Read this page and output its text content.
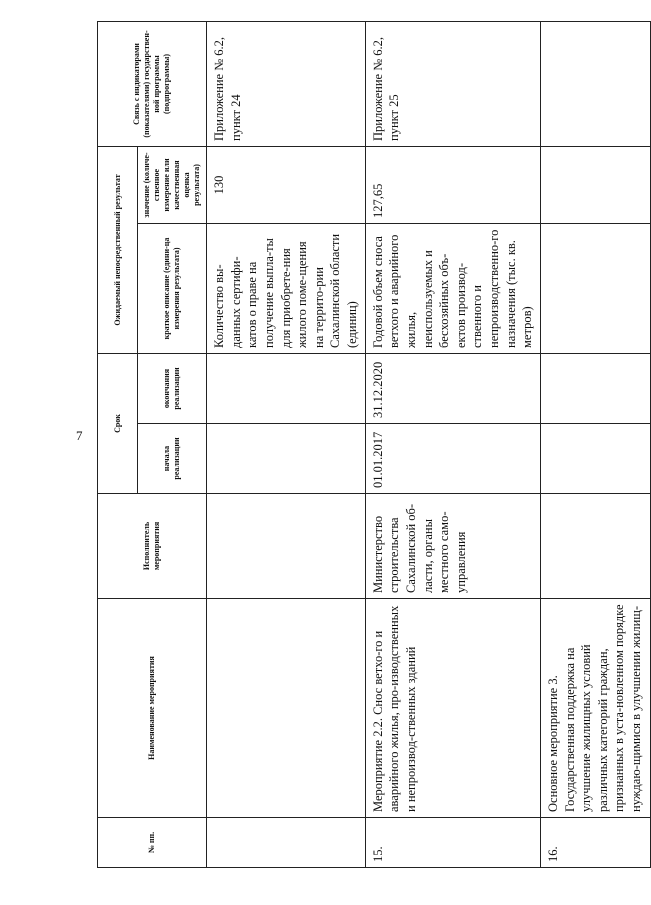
7
№ пп.	Наименование мероприятия	Исполнитель мероприятия	Срок		Ожидаемый непосредственный результат		Связь с индикаторами (показателями) государствен-ной программы (подпрограммы)
			начала реализации	окончания реализации	краткое описание (едини-ца измерения результата)	значение (количе-ственное измерение или качественная оценка результата)	
					Количество вы-данных сертифи-катов о праве на получение выпла-ты для приобрете-ния жилого поме-щения на террито-рии Сахалинской области (единиц)	130	Приложение № 6.2, пункт 24
15.	Мероприятие 2.2. Снос ветхо-го и аварийного жилья, про-изводственных и непроизвод-ственных зданий	Министерство строительства Сахалинской об-ласти, органы местного само-управления	01.01.2017	31.12.2020	Годовой объем сноса ветхого и аварийного жилья, неиспользуемых и бесхозяйных объ-ектов производ-ственного и непроизводственно-го назначения (тыс. кв. метров)	127,65	Приложение № 6.2, пункт 25
16.	Основное мероприятие 3. Государственная поддержка на улучшение жилищных условий различных категорий граждан, признанных в уста-новленном порядке нуждаю-щимися в улучшении жилищ-						
